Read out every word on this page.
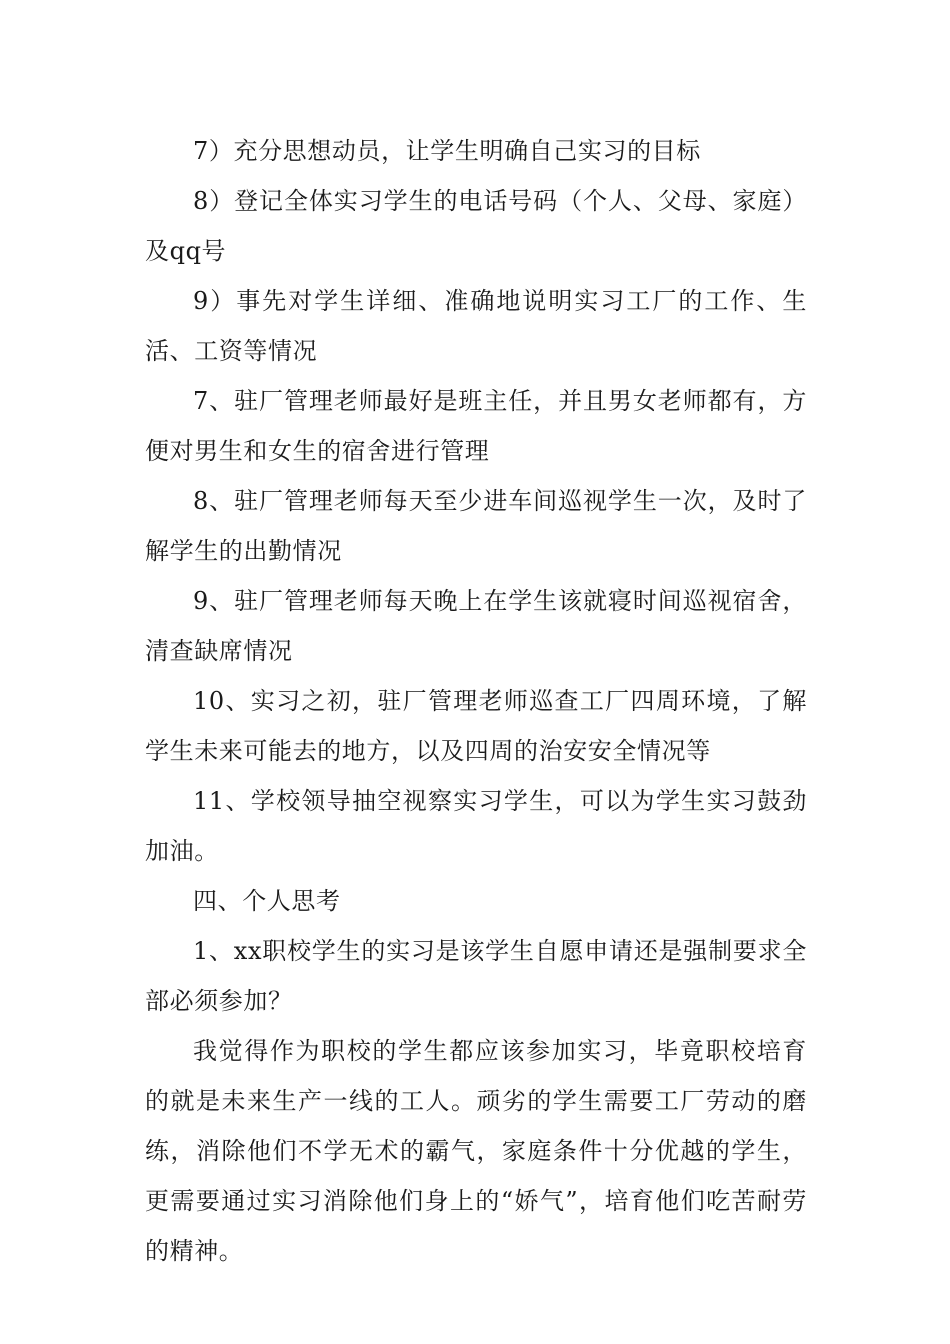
7）充分思想动员，让学生明确自己实习的目标

8）登记全体实习学生的电话号码（个人、父母、家庭）及qq号

9）事先对学生详细、准确地说明实习工厂的工作、生活、工资等情况

7、驻厂管理老师最好是班主任，并且男女老师都有，方便对男生和女生的宿舍进行管理

8、驻厂管理老师每天至少进车间巡视学生一次，及时了解学生的出勤情况

9、驻厂管理老师每天晚上在学生该就寝时间巡视宿舍，清查缺席情况

10、实习之初，驻厂管理老师巡查工厂四周环境，了解学生未来可能去的地方，以及四周的治安安全情况等

11、学校领导抽空视察实习学生，可以为学生实习鼓劲加油。

四、个人思考

1、xx职校学生的实习是该学生自愿申请还是强制要求全部必须参加？

我觉得作为职校的学生都应该参加实习，毕竟职校培育的就是未来生产一线的工人。顽劣的学生需要工厂劳动的磨练，消除他们不学无术的霸气，家庭条件十分优越的学生，更需要通过实习消除他们身上的“娇气”，培育他们吃苦耐劳的精神。
